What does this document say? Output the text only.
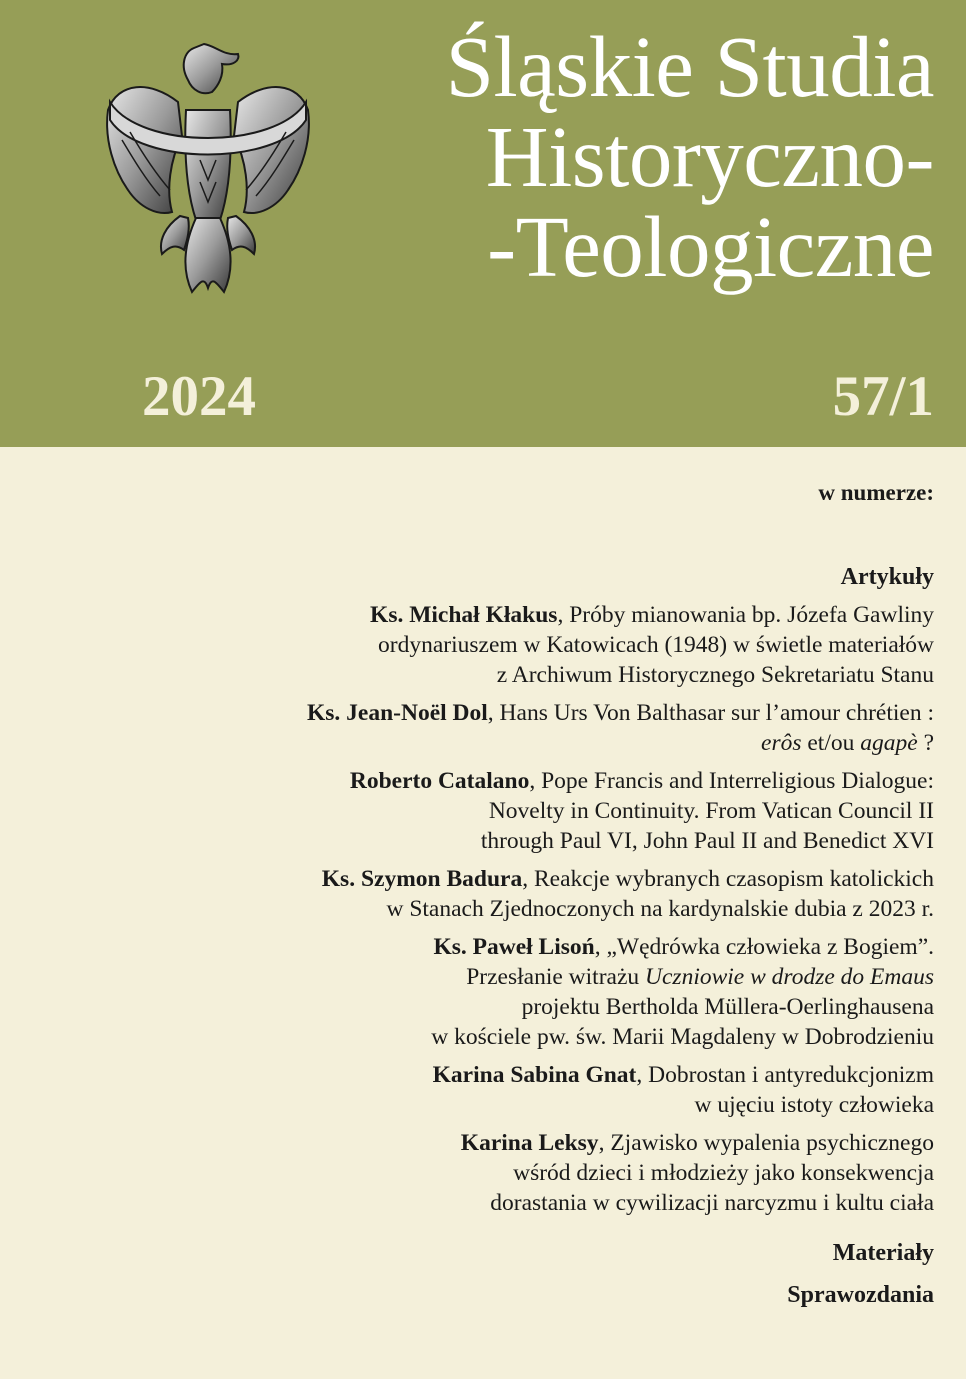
Śląskie Studia
Historyczno-
-Teologiczne
2024	57/1
w numerze:
Artykuły
Ks. Michał Kłakus, Próby mianowania bp. Józefa Gawliny
ordynariuszem w Katowicach (1948) w świetle materiałów
z Archiwum Historycznego Sekretariatu Stanu
Ks. Jean-Noël Dol, Hans Urs Von Balthasar sur l’amour chrétien :
erôs et/ou agapè ?
Roberto Catalano, Pope Francis and Interreligious Dialogue:
Novelty in Continuity. From Vatican Council II
through Paul VI, John Paul II and Benedict XVI
Ks. Szymon Badura, Reakcje wybranych czasopism katolickich
w Stanach Zjednoczonych na kardynalskie dubia z 2023 r.
Ks. Paweł Lisoń, „Wędrówka człowieka z Bogiem”.
Przesłanie witrażu Uczniowie w drodze do Emaus
projektu Bertholda Müllera-Oerlinghausena
w kościele pw. św. Marii Magdaleny w Dobrodzieniu
Karina Sabina Gnat, Dobrostan i antyredukcjonizm
w ujęciu istoty człowieka
Karina Leksy, Zjawisko wypalenia psychicznego
wśród dzieci i młodzieży jako konsekwencja
dorastania w cywilizacji narcyzmu i kultu ciała
Materiały
Sprawozdania
